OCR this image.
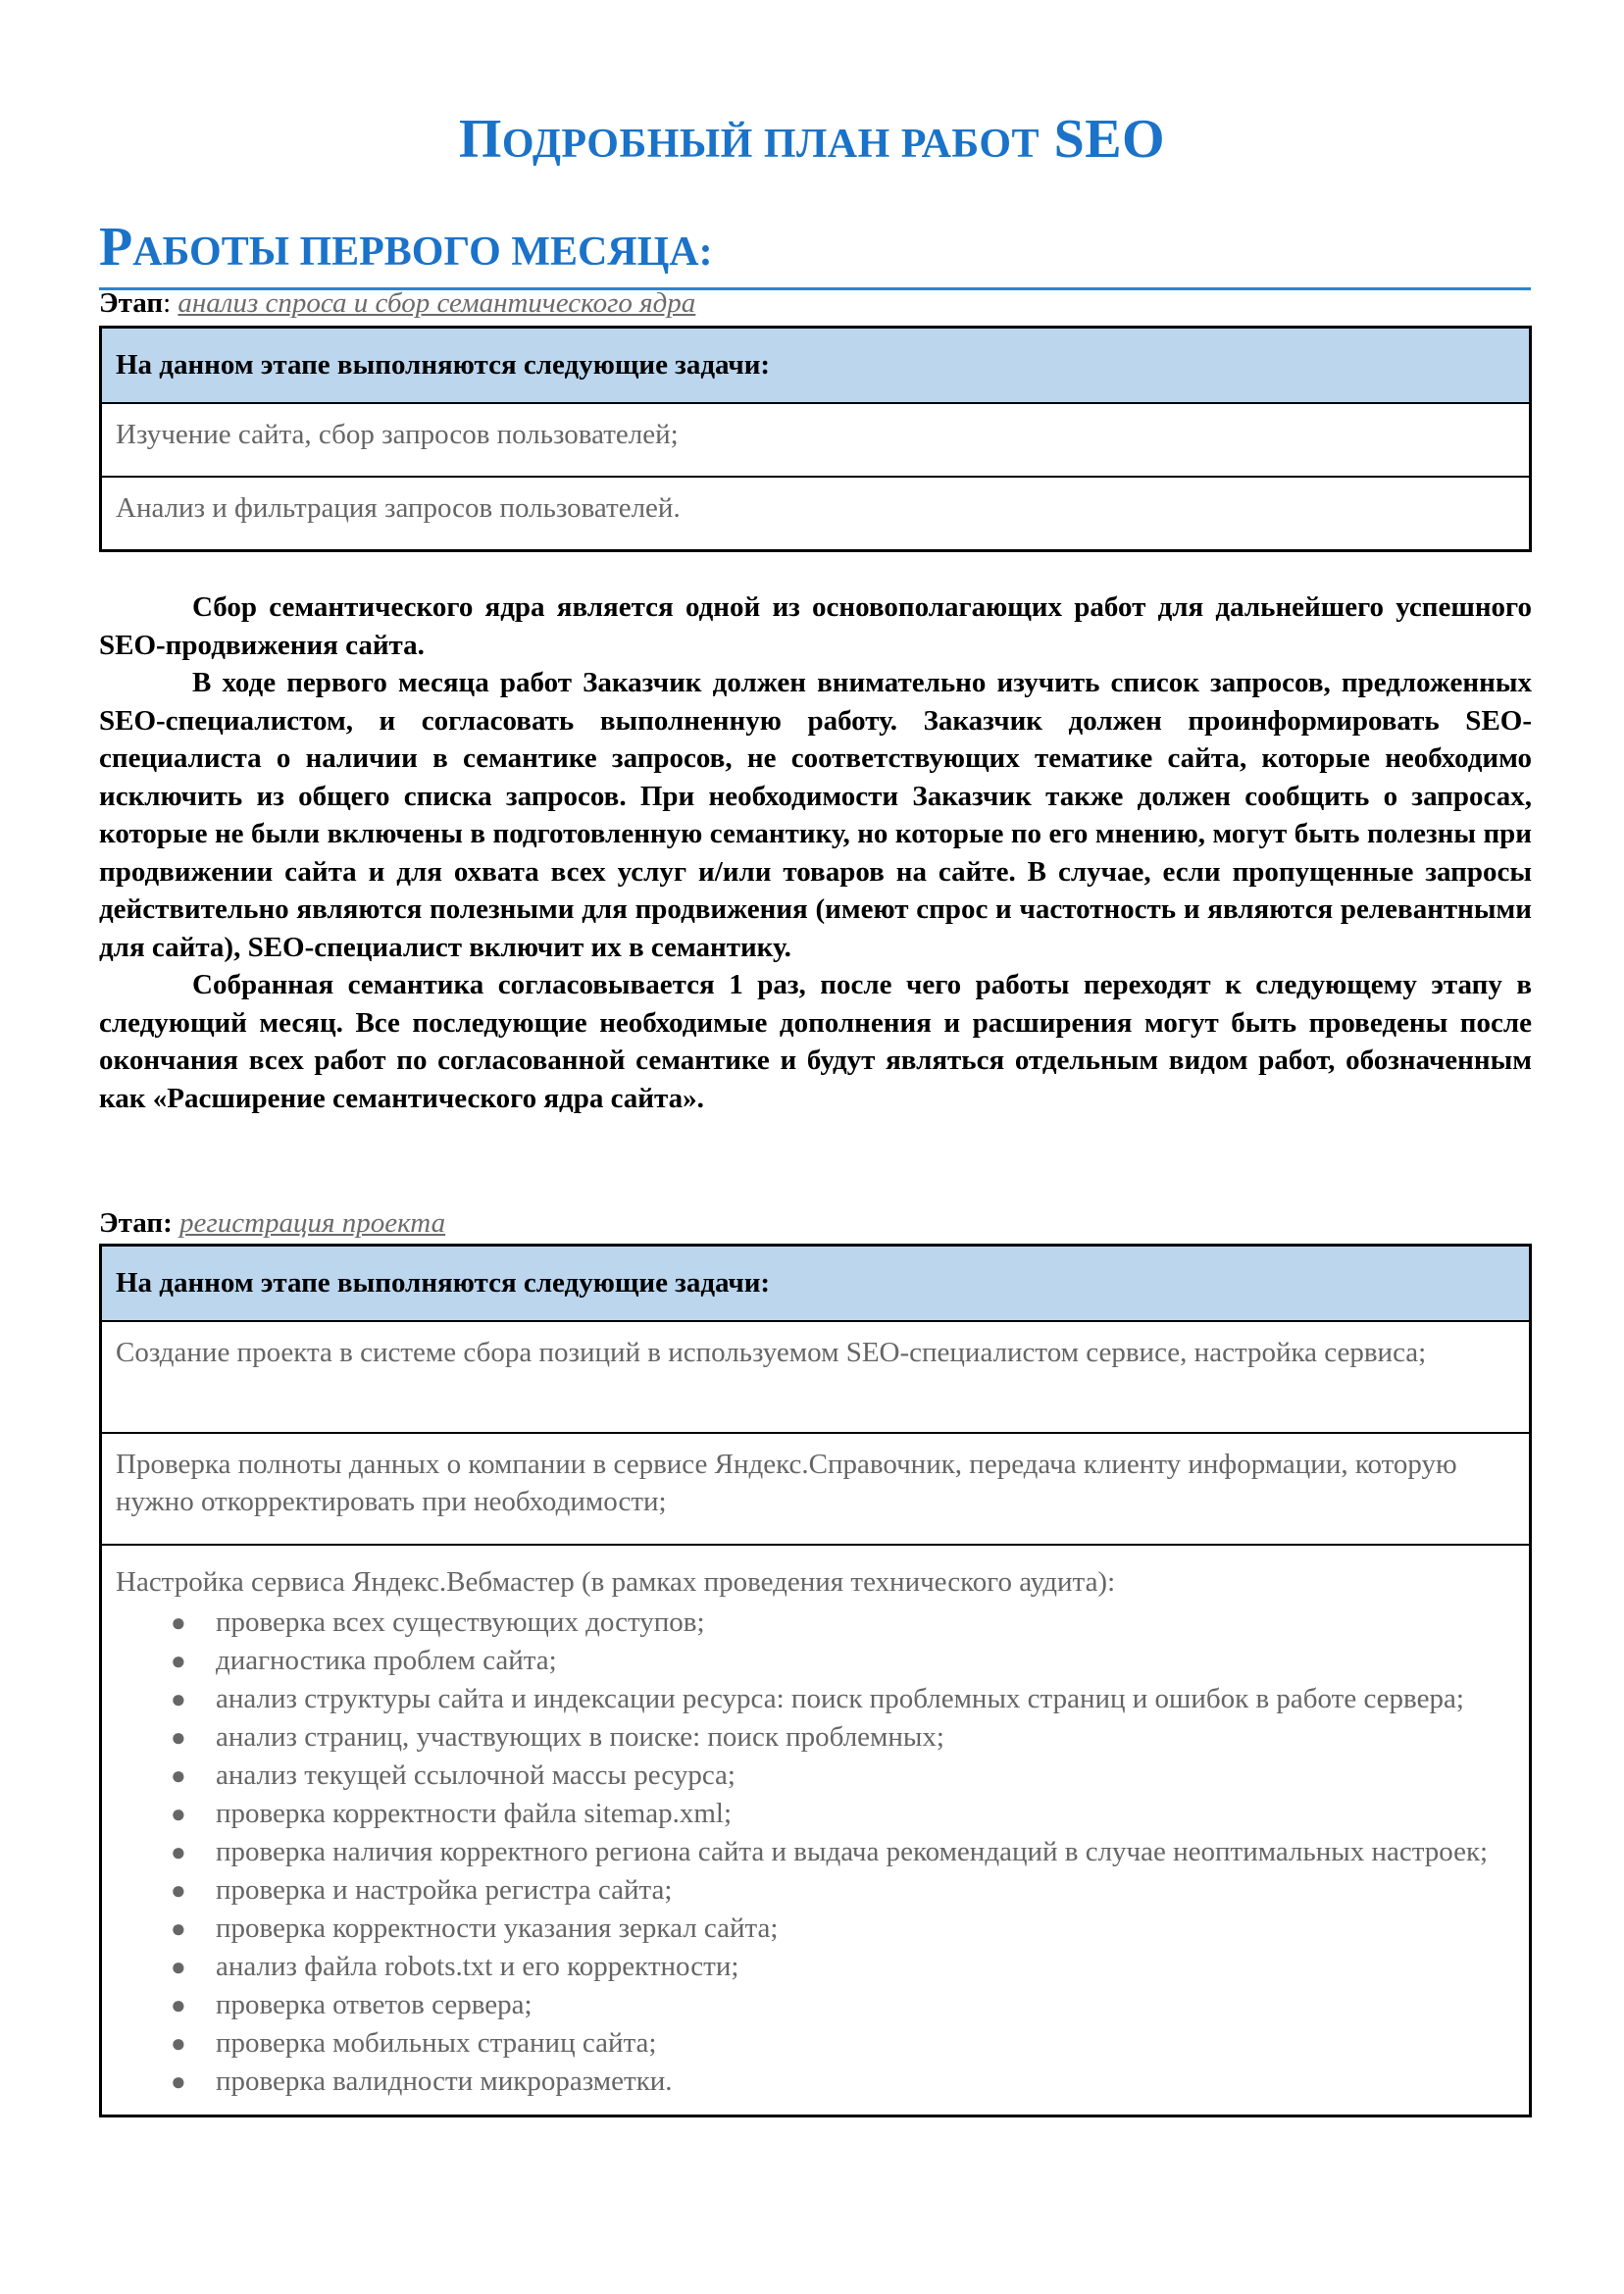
ПОДРОБНЫЙ ПЛАН РАБОТ SEO
РАБОТЫ ПЕРВОГО МЕСЯЦА:
Этап: анализ спроса и сбор семантического ядра
На данном этапе выполняются следующие задачи:
Изучение сайта, сбор запросов пользователей;
Анализ и фильтрация запросов пользователей.

Сбор семантического ядра является одной из основополагающих работ для дальнейшего успешного SEO-продвижения сайта.

В ходе первого месяца работ Заказчик должен внимательно изучить список запросов, предложенных SEO-специалистом, и согласовать выполненную работу. Заказчик должен проинформировать SEO-специалиста о наличии в семантике запросов, не соответствующих тематике сайта, которые необходимо исключить из общего списка запросов. При необходимости Заказчик также должен сообщить о запросах, которые не были включены в подготовленную семантику, но которые по его мнению, могут быть полезны при продвижении сайта и для охвата всех услуг и/или товаров на сайте. В случае, если пропущенные запросы действительно являются полезными для продвижения (имеют спрос и частотность и являются релевантными для сайта), SEO-специалист включит их в семантику.

Собранная семантика согласовывается 1 раз, после чего работы переходят к следующему этапу в следующий месяц. Все последующие необходимые дополнения и расширения могут быть проведены после окончания всех работ по согласованной семантике и будут являться отдельным видом работ, обозначенным как «Расширение семантического ядра сайта».

Этап: регистрация проекта
На данном этапе выполняются следующие задачи:
Создание проекта в системе сбора позиций в используемом SEO-специалистом сервисе, настройка сервиса;
Проверка полноты данных о компании в сервисе Яндекс.Справочник, передача клиенту информации, которую нужно откорректировать при необходимости;

Настройка сервиса Яндекс.Вебмастер (в рамках проведения технического аудита):
● проверка всех существующих доступов;
● диагностика проблем сайта;
● анализ структуры сайта и индексации ресурса: поиск проблемных страниц и ошибок в работе сервера;
● анализ страниц, участвующих в поиске: поиск проблемных;
● анализ текущей ссылочной массы ресурса;
● проверка корректности файла sitemap.xml;
● проверка наличия корректного региона сайта и выдача рекомендаций в случае неоптимальных настроек;
● проверка и настройка регистра сайта;
● проверка корректности указания зеркал сайта;
● анализ файла robots.txt и его корректности;
● проверка ответов сервера;
● проверка мобильных страниц сайта;
● проверка валидности микроразметки.
